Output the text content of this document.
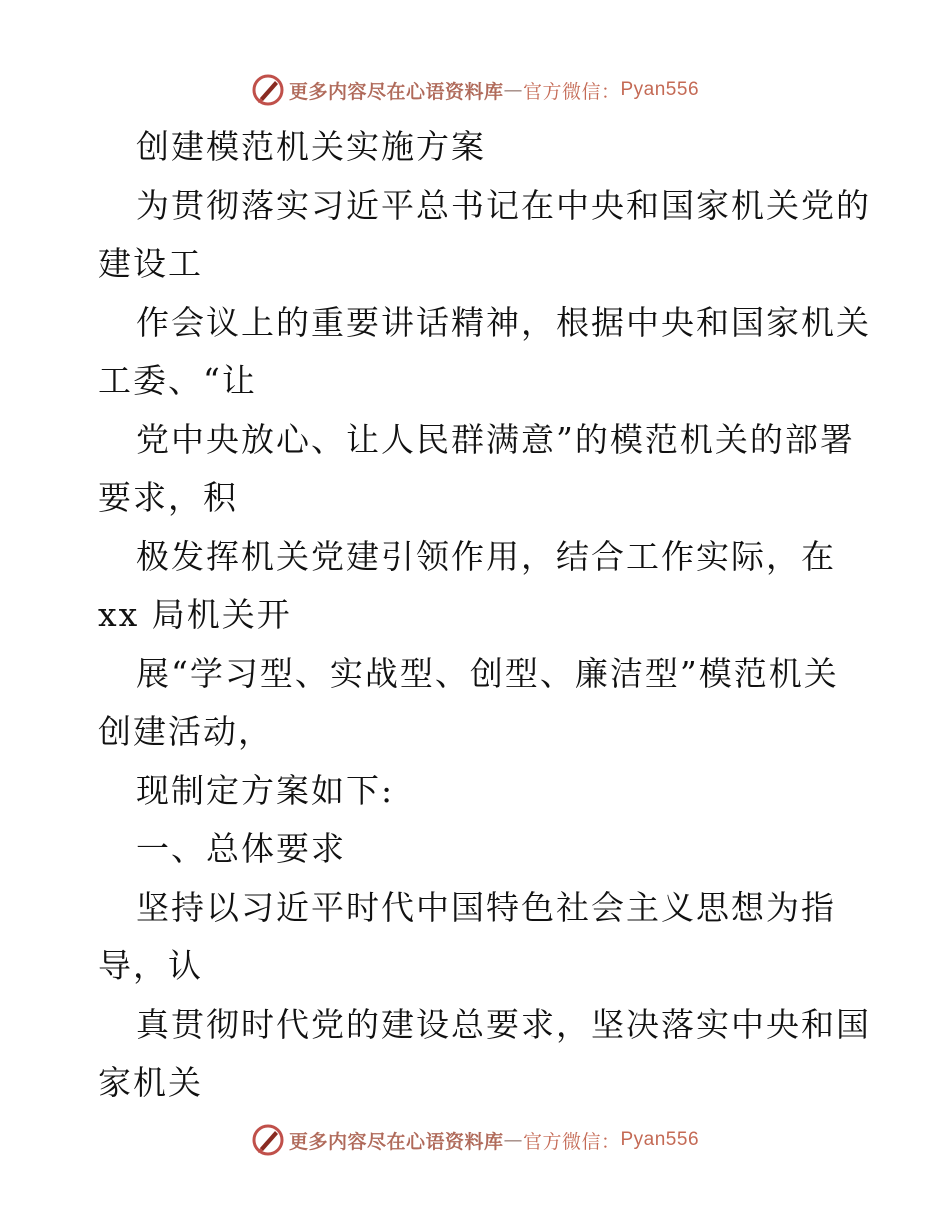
更多内容尽在心语资料库 — 官方微信： Pyan556
创建模范机关实施方案
为贯彻落实习近平总书记在中央和国家机关党的
建设工
作会议上的重要讲话精神，根据中央和国家机关
工委、“让
党中央放心、让人民群满意”的模范机关的部署
要求，积
极发挥机关党建引领作用，结合工作实际，在
xx 局机关开
展“学习型、实战型、创型、廉洁型”模范机关
创建活动，
现制定方案如下:
一、总体要求
坚持以习近平时代中国特色社会主义思想为指
导，认
真贯彻时代党的建设总要求，坚决落实中央和国
家机关
更多内容尽在心语资料库 — 官方微信： Pyan556
